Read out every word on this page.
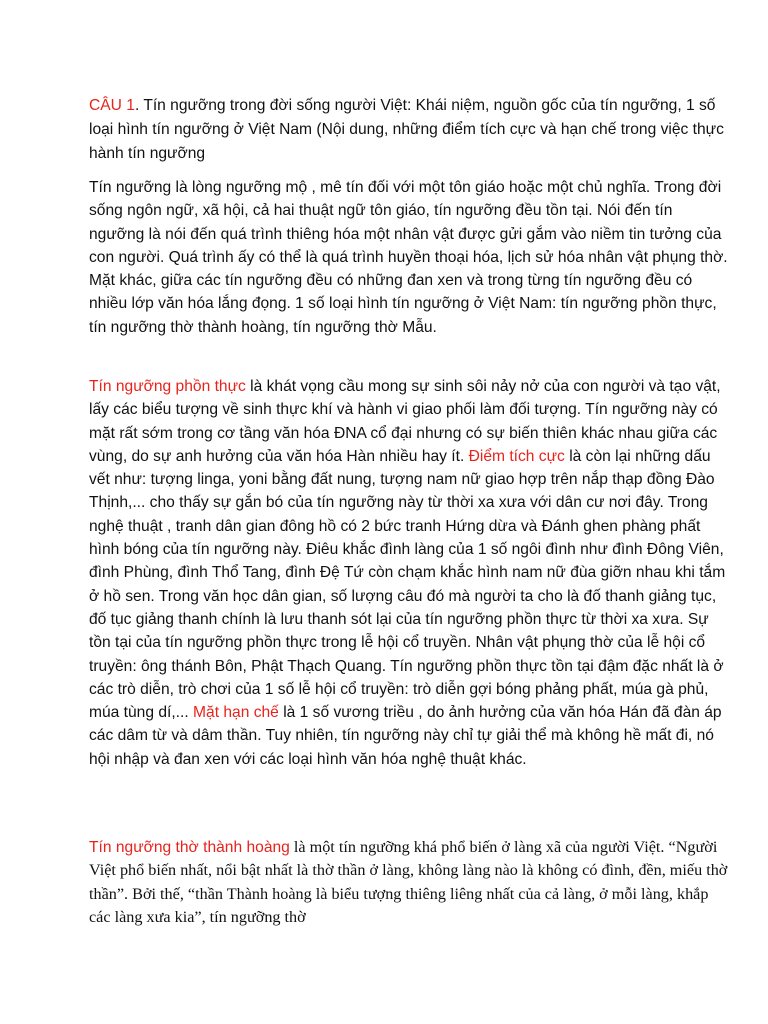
CÂU 1. Tín ngưỡng trong đời sống người Việt: Khái niệm, nguồn gốc của tín ngưỡng, 1 số loại hình tín ngưỡng ở Việt Nam (Nội dung, những điểm tích cực và hạn chế trong việc thực hành tín ngưỡng

Tín ngưỡng là lòng ngưỡng mộ , mê tín đối với một tôn giáo hoặc một chủ nghĩa. Trong đời sống ngôn ngữ, xã hội, cả hai thuật ngữ tôn giáo, tín ngưỡng đều tồn tại. Nói đến tín ngưỡng là nói đến quá trình thiêng hóa một nhân vật được gửi gắm vào niềm tin tưởng của con người. Quá trình ấy có thể là quá trình huyền thoại hóa, lịch sử hóa nhân vật phụng thờ. Mặt khác, giữa các tín ngưỡng đều có những đan xen và trong từng tín ngưỡng đều có nhiều lớp văn hóa lắng đọng. 1 số loại hình tín ngưỡng ở Việt Nam: tín ngưỡng phồn thực, tín ngưỡng thờ thành hoàng, tín ngưỡng thờ Mẫu.

Tín ngưỡng phồn thực là khát vọng cầu mong sự sinh sôi nảy nở của con người và tạo vật, lấy các biểu tượng về sinh thực khí và hành vi giao phối làm đối tượng. Tín ngưỡng này có mặt rất sớm trong cơ tầng văn hóa ĐNA cổ đại nhưng có sự biến thiên khác nhau giữa các vùng, do sự anh hưởng của văn hóa Hàn nhiều hay ít. Điểm tích cực là còn lại những dấu vết như: tượng linga, yoni bằng đất nung, tượng nam nữ giao hợp trên nắp thạp đồng Đào Thịnh,... cho thấy sự gắn bó của tín ngưỡng này từ thời xa xưa với dân cư nơi đây. Trong nghệ thuật , tranh dân gian đông hồ có 2 bức tranh Hứng dừa và Đánh ghen phàng phất hình bóng của tín ngưỡng này. Điêu khắc đình làng của 1 số ngôi đình như đình Đông Viên, đình Phùng, đình Thổ Tang, đình Đệ Tứ còn chạm khắc hình nam nữ đùa giỡn nhau khi tắm ở hồ sen. Trong văn học dân gian, số lượng câu đó mà người ta cho là đố thanh giảng tục, đố tục giảng thanh chính là lưu thanh sót lại của tín ngưỡng phồn thực từ thời xa xưa. Sự tồn tại của tín ngưỡng phồn thực trong lễ hội cổ truyền. Nhân vật phụng thờ của lễ hội cổ truyền: ông thánh Bôn, Phật Thạch Quang. Tín ngưỡng phồn thực tồn tại đậm đặc nhất là ở các trò diễn, trò chơi của 1 số lễ hội cổ truyền: trò diễn gợi bóng phảng phất, múa gà phủ, múa tùng dí,... Mặt hạn chế là 1 số vương triều , do ảnh hưởng của văn hóa Hán đã đàn áp các dâm từ và dâm thần. Tuy nhiên, tín ngưỡng này chỉ tự giải thể mà không hề mất đi, nó hội nhập và đan xen với các loại hình văn hóa nghệ thuật khác.

Tín ngưỡng thờ thành hoàng là một tín ngưỡng khá phổ biến ở làng xã của người Việt. “Người Việt phổ biến nhất, nổi bật nhất là thờ thần ở làng, không làng nào là không có đình, đền, miếu thờ thần”. Bởi thế, “thần Thành hoàng là biểu tượng thiêng liêng nhất của cả làng, ở mỗi làng, khắp các làng xưa kia”, tín ngưỡng thờ
